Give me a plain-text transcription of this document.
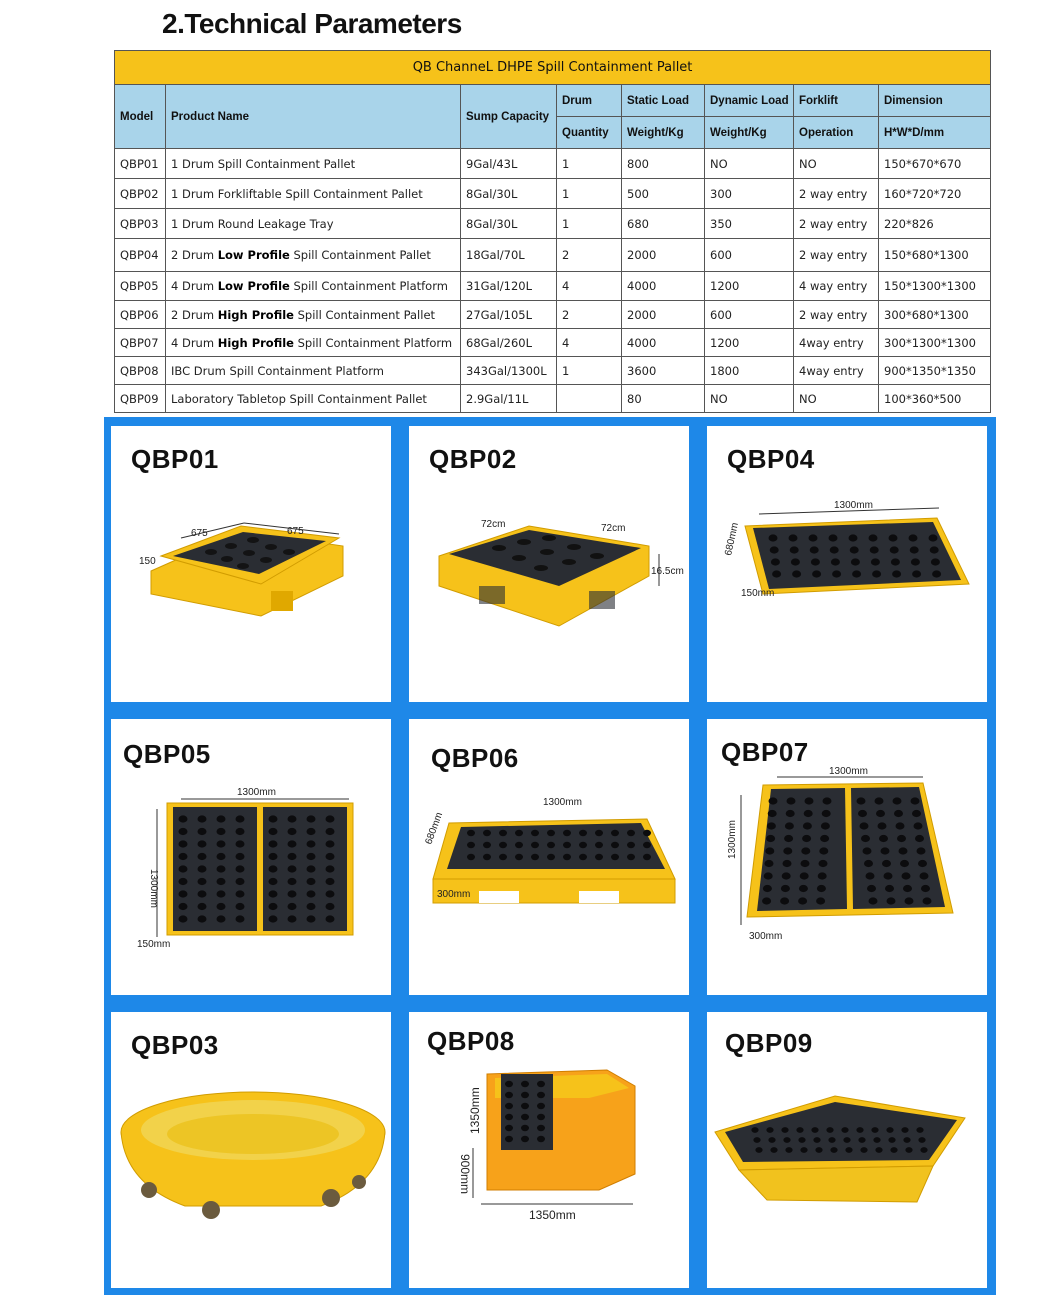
2.Technical Parameters
QB ChanneL DHPE Spill Containment Pallet							
Model	Product Name	Sump Capacity	Drum	Static Load	Dynamic Load	Forklift	Dimension
			Quantity	Weight/Kg	Weight/Kg	Operation	H*W*D/mm
QBP01	1 Drum Spill Containment Pallet	9Gal/43L	1	800	NO	NO	150*670*670
QBP02	1 Drum Forkliftable Spill Containment Pallet	8Gal/30L	1	500	300	2 way entry	160*720*720
QBP03	1 Drum Round Leakage Tray	8Gal/30L	1	680	350	2 way entry	220*826
QBP04	2 Drum Low Profile Spill Containment Pallet	18Gal/70L	2	2000	600	2 way entry	150*680*1300
QBP05	4 Drum Low Profile Spill Containment Platform	31Gal/120L	4	4000	1200	4 way entry	150*1300*1300
QBP06	2 Drum High Profile Spill Containment Pallet	27Gal/105L	2	2000	600	2 way entry	300*680*1300
QBP07	4 Drum High Profile Spill Containment Platform	68Gal/260L	4	4000	1200	4way entry	300*1300*1300
QBP08	IBC Drum Spill Containment Platform	343Gal/1300L	1	3600	1800	4way entry	900*1350*1350
QBP09	Laboratory Tabletop Spill Containment Pallet	2.9Gal/11L		80	NO	NO	100*360*500
QBP01
675	675
150
QBP02
72cm	72cm
16.5cm
QBP04
1300mm
680mm
150mm
QBP05
1300mm
1300mm
150mm
QBP06
1300mm
680mm
300mm
QBP07
1300mm
1300mm
300mm
QBP03	QBP08
1350mm
900mm
1350mm
QBP09
